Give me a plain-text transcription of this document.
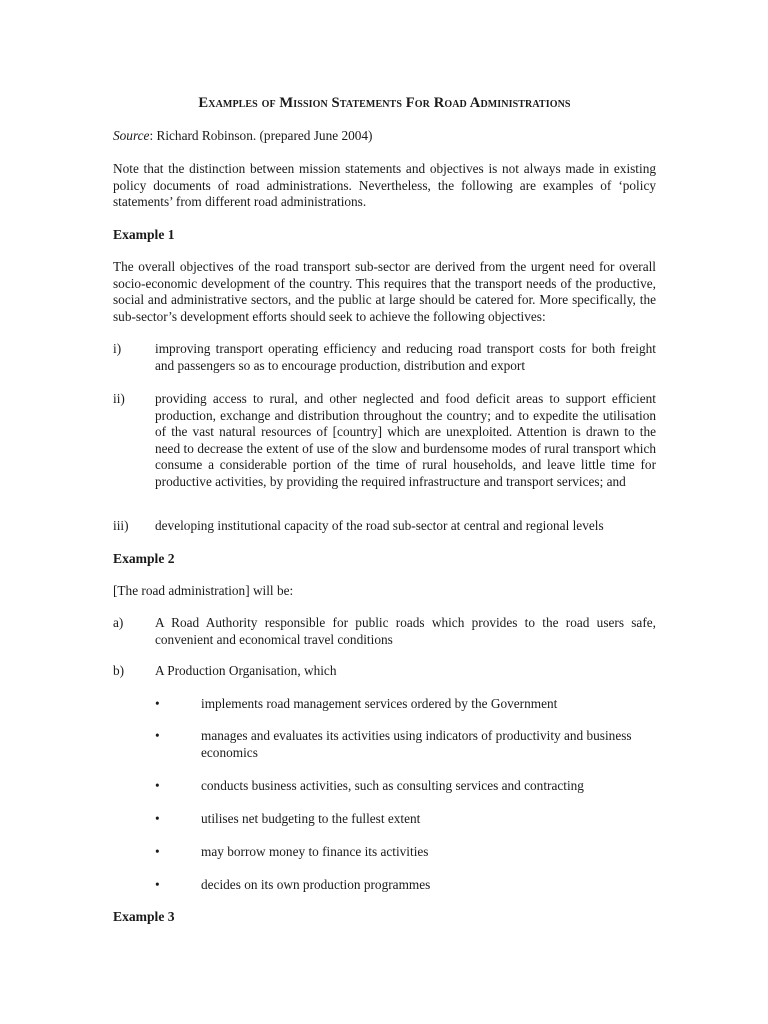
Examples of Mission Statements For Road Administrations
Source: Richard Robinson. (prepared June 2004)
Note that the distinction between mission statements and objectives is not always made in existing policy documents of road administrations. Nevertheless, the following are examples of ‘policy statements’ from different road administrations.
Example 1
The overall objectives of the road transport sub-sector are derived from the urgent need for overall socio-economic development of the country. This requires that the transport needs of the productive, social and administrative sectors, and the public at large should be catered for. More specifically, the sub-sector’s development efforts should seek to achieve the following objectives:
i)	improving transport operating efficiency and reducing road transport costs for both freight and passengers so as to encourage production, distribution and export
ii) providing access to rural, and other neglected and food deficit areas to support efficient production, exchange and distribution throughout the country; and to expedite the utilisation of the vast natural resources of [country] which are unexploited. Attention is drawn to the need to decrease the extent of use of the slow and burdensome modes of rural transport which consume a considerable portion of the time of rural households, and leave little time for productive activities, by providing the required infrastructure and transport services; and
iii) developing institutional capacity of the road sub-sector at central and regional levels
Example 2
[The road administration] will be:
a) A Road Authority responsible for public roads which provides to the road users safe, convenient and economical travel conditions
b) A Production Organisation, which
•	implements road management services ordered by the Government
•	manages and evaluates its activities using indicators of productivity and business economics
•	conducts business activities, such as consulting services and contracting
•	utilises net budgeting to the fullest extent
•	may borrow money to finance its activities
•	decides on its own production programmes
Example 3
